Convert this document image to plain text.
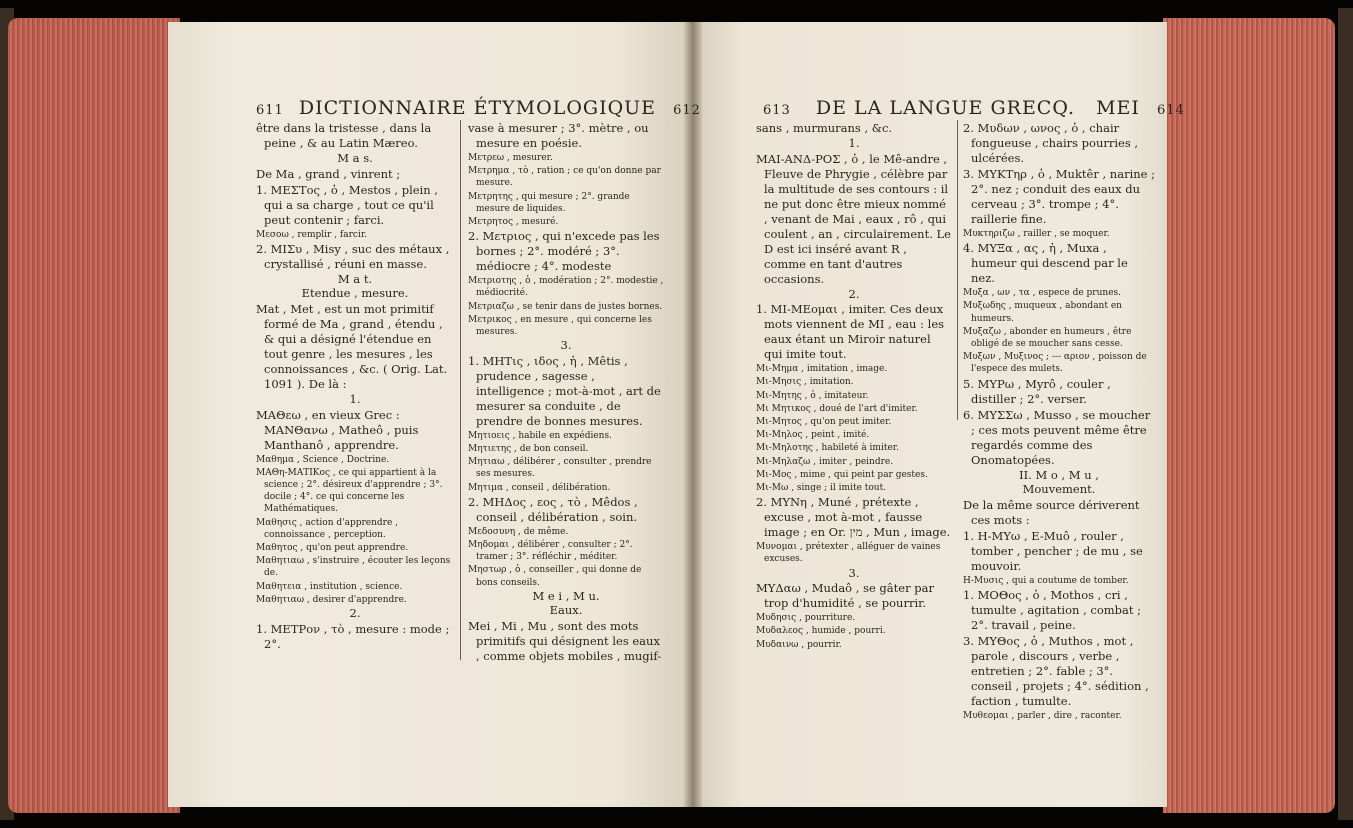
611 DICTIONNAIRE ÉTYMOLOGIQUE 612	613 DE LA LANGUE GRECQ. MEI 614

être dans la tristesse , dans la peine , & au Latin Mæreo.

M a s.

De Ma , grand , vinrent ;

1. ΜΕΣΤος , ὁ , Mestos , plein , qui a sa charge , tout ce qu'il peut contenir ; farci.

Μεσοω , remplir , farcir.

2. ΜΙΣυ , Misy , suc des métaux , crystallisé , réuni en masse.

M a t.

Etendue , mesure.

Mat , Met , est un mot primitif formé de Ma , grand , étendu , & qui a désigné l'étendue en tout genre , les mesures , les connoissances , &c. ( Orig. Lat. 1091 ). De là :

1.

ΜΑΘεω , en vieux Grec : ΜΑΝΘανω , Matheô , puis Manthanô , apprendre.

Μαθημα , Science , Doctrine.

ΜΑΘη-ΜΑΤΙΚος , ce qui appartient à la science ; 2°. désireux d'apprendre ; 3°. docile ; 4°. ce qui concerne les Mathématiques.

Μαθησις , action d'apprendre , connoissance , perception.

Μαθητος , qu'on peut apprendre.

Μαθητιαω , s'instruire , écouter les leçons de.

Μαθητεια , institution , science.

Μαθητιαω , desirer d'apprendre.

2.

1. ΜΕΤΡον , τὸ , mesure : mode ; 2°.

vase à mesurer ; 3°. mètre , ou mesure en poésie.

Μετρεω , mesurer.

Μετρημα , τὸ , ration ; ce qu'on donne par mesure.

Μετρητης , qui mesure ; 2°. grande mesure de liquides.

Μετρητος , mesuré.

2. Μετριος , qui n'excede pas les bornes ; 2°. modéré ; 3°. médiocre ; 4°. modeste

Μετριοτης , ὁ , modération ; 2°. modestie , médiocrité.

Μετριαζω , se tenir dans de justes bornes.

Μετρικος , en mesure , qui concerne les mesures.

3.

1. ΜΗΤις , ιδος , ἡ , Mêtis , prudence , sagesse , intelligence ; mot-à-mot , art de mesurer sa conduite , de prendre de bonnes mesures.

Μητιοεις , habile en expédiens.

Μητιετης , de bon conseil.

Μητιαω , délibérer , consulter , prendre ses mesures.

Μητιμα , conseil , délibération.

2. ΜΗΔος , εος , τὸ , Mêdos , conseil , délibération , soin.

Μεδοσυνη , de même.

Μηδομαι , délibérer , consulter ; 2°. tramer ; 3°. réfléchir , méditer.

Μηστωρ , ὁ , conseiller , qui donne de bons conseils.

M e i , M u.

Eaux.

Mei , Mi , Mu , sont des mots primitifs qui désignent les eaux , comme objets mobiles , mugif-

sans , murmurans , &c.

1.

ΜΑΙ-ΑΝΔ-ΡΟΣ , ὁ , le Mê-andre , Fleuve de Phrygie , célèbre par la multitude de ses contours : il ne put donc être mieux nommé , venant de Mai , eaux , rô , qui coulent , an , circulairement. Le D est ici inséré avant R , comme en tant d'autres occasions.

2.

1. ΜΙ-ΜΕομαι , imiter. Ces deux mots viennent de ΜΙ , eau : les eaux étant un Miroir naturel qui imite tout.

Μι-Μημα , imitation , image.

Μι-Μησις , imitation.

Μι-Μητης , ὁ , imitateur.

Μι Μητικος , doué de l'art d'imiter.

Μι-Μητος , qu'on peut imiter.

Μι-Μηλος , peint , imité.

Μι-Μηλοτης , habileté à imiter.

Μι-Μηλαζω , imiter , peindre.

Μι-Μος , mime , qui peint par gestes.

Μι-Μω , singe ; il imite tout.

2. ΜΥΝη , Muné , prétexte , excuse , mot à-mot , fausse image ; en Or. מין , Mun , image.

Μυνομαι , prétexter , alléguer de vaines excuses.

3.

ΜΥΔαω , Mudaô , se gâter par trop d'humidité , se pourrir.

Μυδησις , pourriture.

Μυδαλεος , humide , pourri.

Μυδαινω , pourrir.

2. Μυδων , ωνος , ὁ , chair fongueuse , chairs pourries , ulcérées.

3. ΜΥΚΤηρ , ὁ , Muktêr , narine ; 2°. nez ; conduit des eaux du cerveau ; 3°. trompe ; 4°. raillerie fine.

Μυκτηριζω , railler , se moquer.

4. ΜΥΞα , ας , ἡ , Muxa , humeur qui descend par le nez.

Μυξα , ων , τα , espece de prunes.

Μυξωδης , muqueux , abondant en humeurs.

Μυξαζω , abonder en humeurs , être obligé de se moucher sans cesse.

Μυξων , Μυξινος ; --- αριον , poisson de l'espece des mulets.

5. ΜΥΡω , Myrô , couler , distiller ; 2°. verser.

6. ΜΥΣΣω , Musso , se moucher ; ces mots peuvent même être regardés comme des Onomatopées.

II. M o , M u ,

Mouvement.

De la même source dériverent ces mots :

1. Η-ΜΥω , E-Muô , rouler , tomber , pencher ; de mu , se mouvoir.

Η-Μυσις , qui a coutume de tomber.

1. ΜΟΘος , ὁ , Mothos , cri , tumulte , agitation , combat ; 2°. travail , peine.

3. ΜΥΘος , ὁ , Muthos , mot , parole , discours , verbe , entretien ; 2°. fable ; 3°. conseil , projets ; 4°. sédition , faction , tumulte.

Μυθεομαι , parler , dire , raconter.
